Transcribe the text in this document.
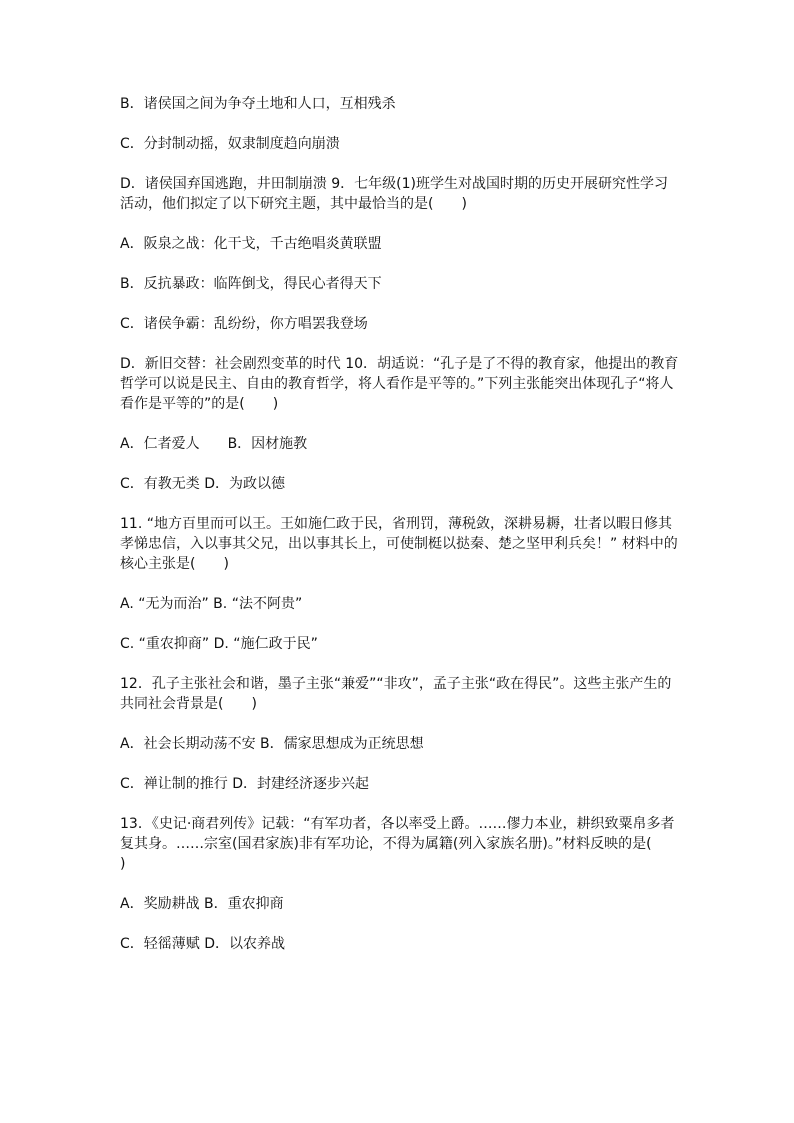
B．诸侯国之间为争夺土地和人口，互相残杀

C．分封制动摇，奴隶制度趋向崩溃

D．诸侯国弃国逃跑，井田制崩溃 9．七年级(1)班学生对战国时期的历史开展研究性学习活动，他们拟定了以下研究主题，其中最恰当的是(　　)

A．阪泉之战：化干戈，千古绝唱炎黄联盟

B．反抗暴政：临阵倒戈，得民心者得天下

C．诸侯争霸：乱纷纷，你方唱罢我登场

D．新旧交替：社会剧烈变革的时代 10．胡适说：“孔子是了不得的教育家，他提出的教育哲学可以说是民主、自由的教育哲学，将人看作是平等的。”下列主张能突出体现孔子“将人看作是平等的”的是(　　)

A．仁者爱人　　B．因材施教

C．有教无类 D．为政以德

11. “地方百里而可以王。王如施仁政于民，省刑罚，薄税敛，深耕易耨，壮者以暇日修其孝悌忠信，入以事其父兄，出以事其长上，可使制梃以挞秦、楚之坚甲利兵矣！” 材料中的核心主张是(　　)

A. “无为而治” B. “法不阿贵”

C. “重农抑商” D. “施仁政于民”

12．孔子主张社会和谐，墨子主张“兼爱”“非攻”，孟子主张“政在得民”。这些主张产生的共同社会背景是(　　)

A．社会长期动荡不安 B．儒家思想成为正统思想

C．禅让制的推行 D．封建经济逐步兴起

13．《史记·商君列传》记载：“有军功者，各以率受上爵。……僇力本业，耕织致粟帛多者复其身。……宗室(国君家族)非有军功论，不得为属籍(列入家族名册)。”材料反映的是(　　)

A．奖励耕战 B．重农抑商

C．轻徭薄赋 D．以农养战
